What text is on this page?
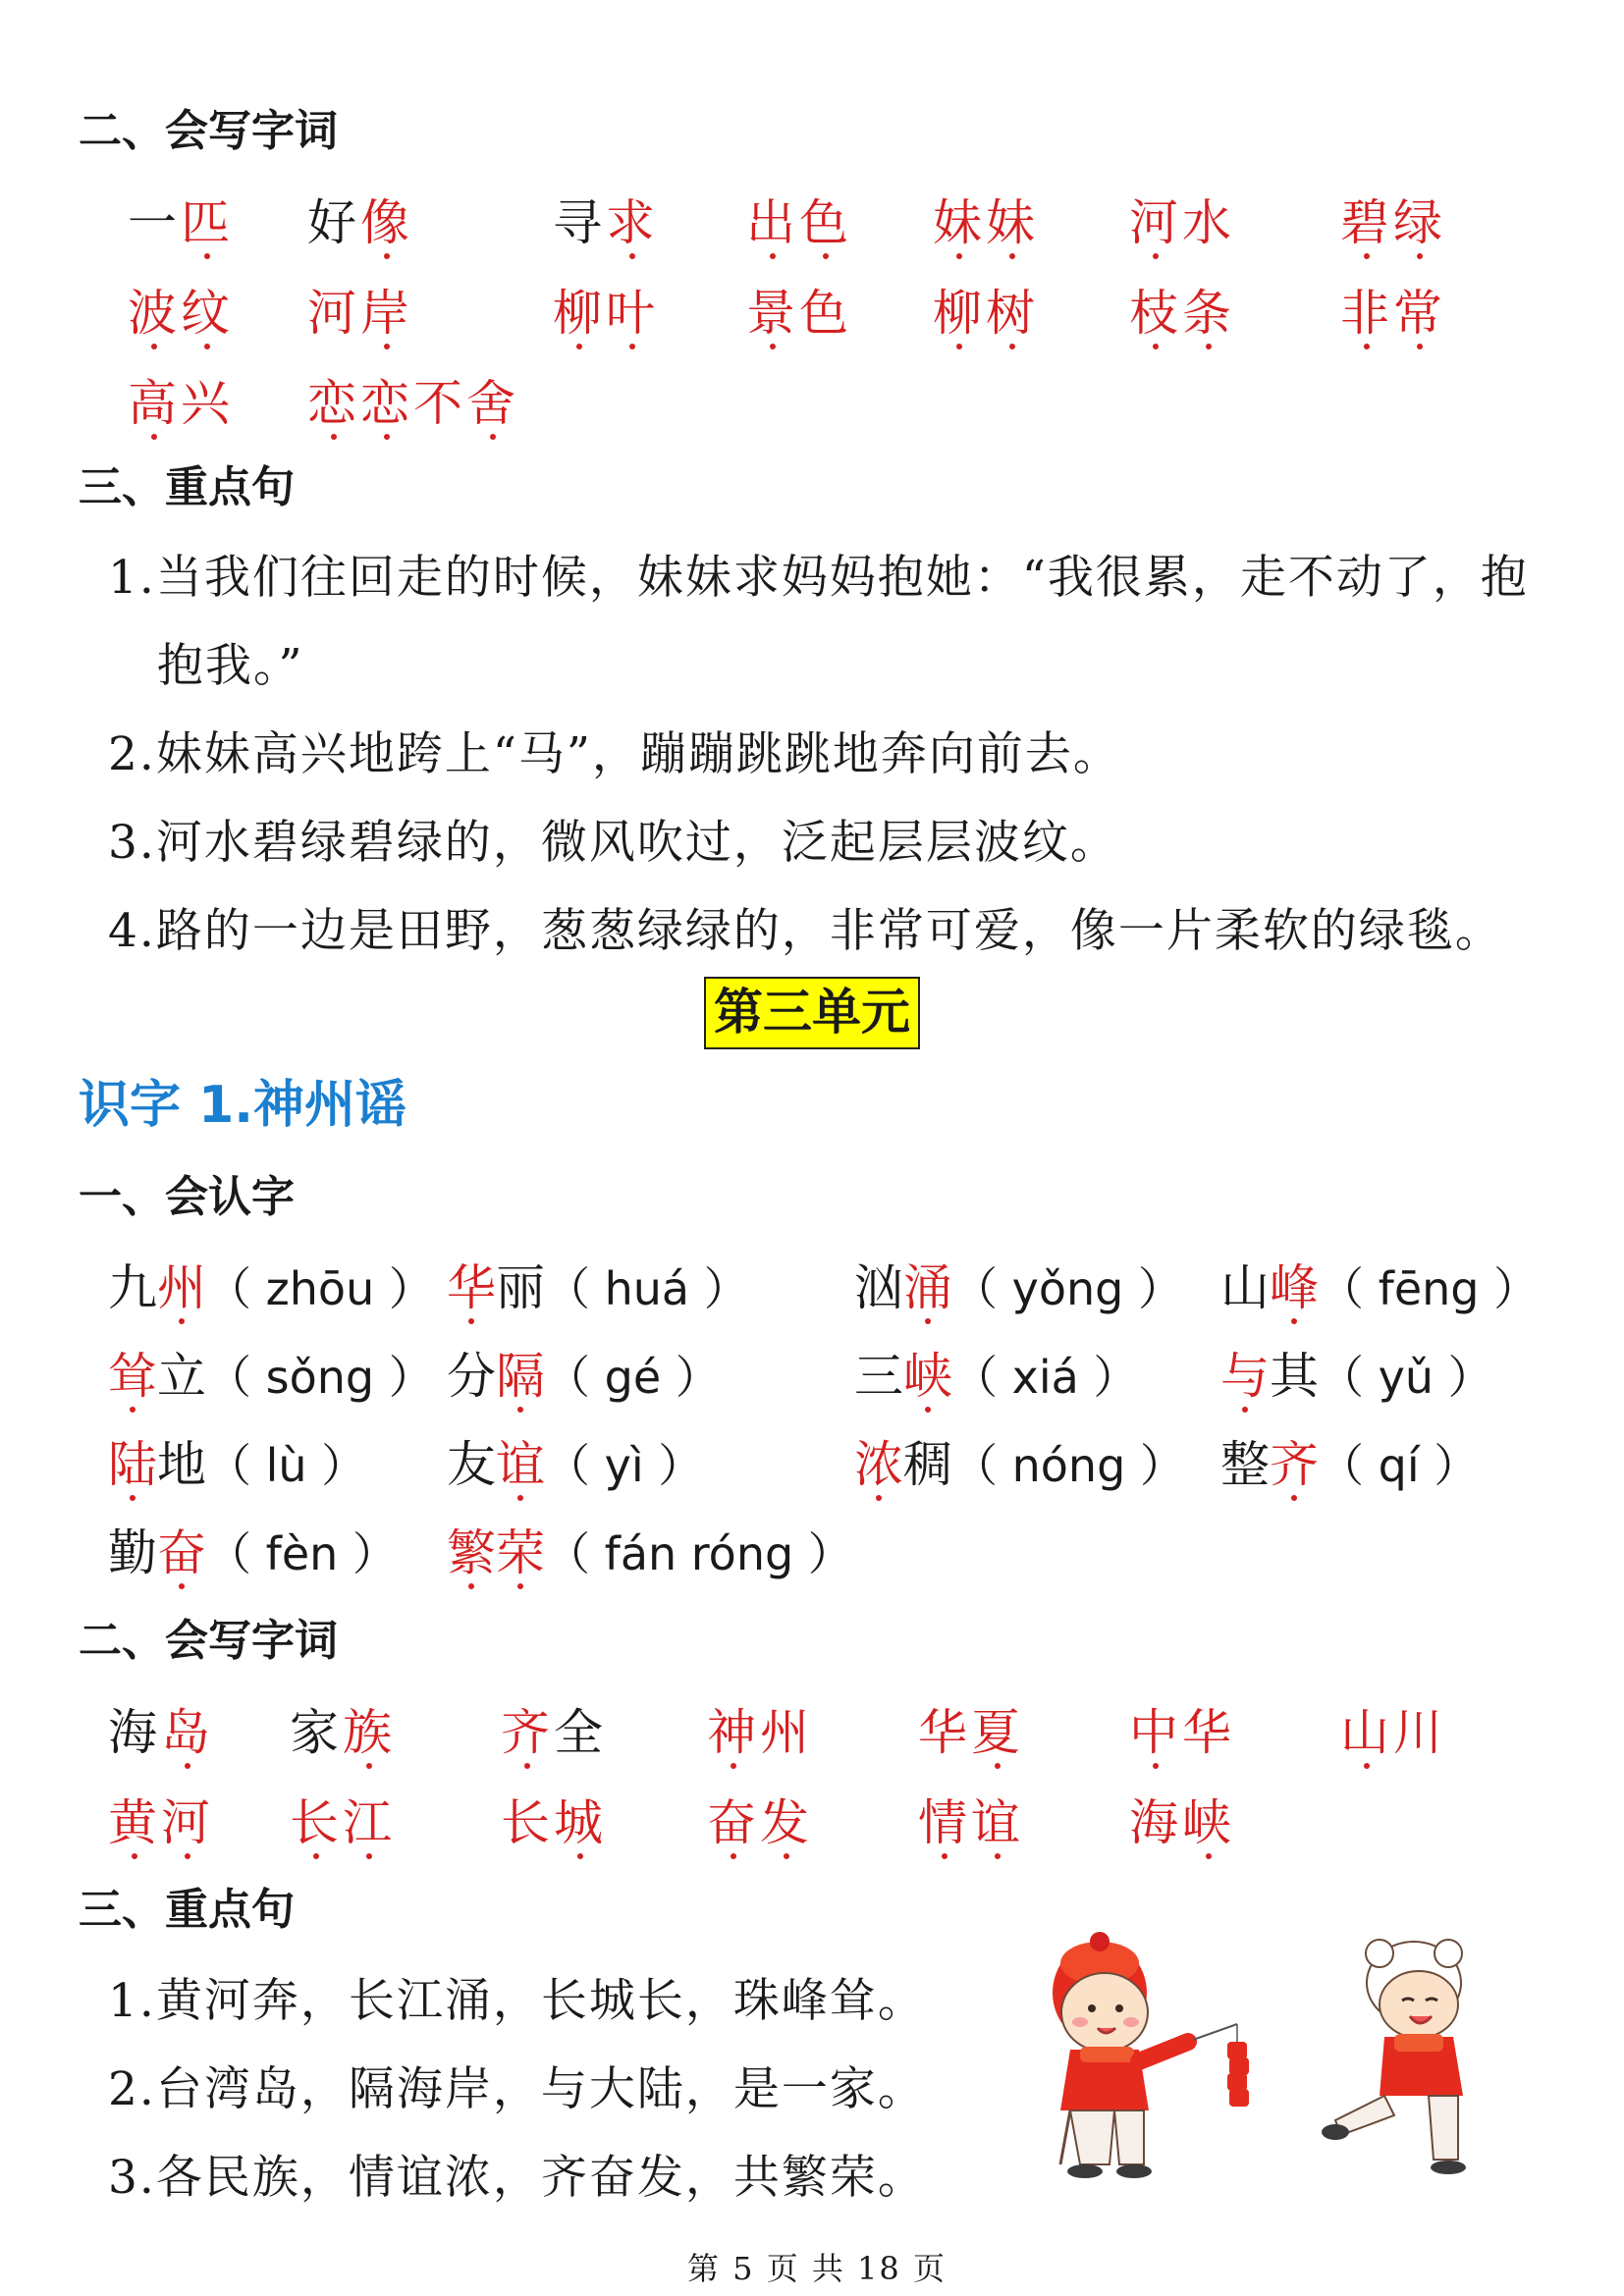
二、会写字词
一匹 好像	寻求 出色 妹妹 河水 碧绿
波纹 河岸	柳叶 景色 柳树 枝条 非常
高兴 恋恋不舍
三、重点句
1.当我们往回走的时候，妹妹求妈妈抱她：“我很累，走不动了，抱
抱我。”
2.妹妹高兴地跨上“马”，蹦蹦跳跳地奔向前去。
3.河水碧绿碧绿的，微风吹过，泛起层层波纹。
4.路的一边是田野，葱葱绿绿的，非常可爱，像一片柔软的绿毯。
第三单元
识字 1.神州谣
一、会认字
九州（ zhōu ） 华丽（ huá ） 汹涌（ yǒng ） 山峰（ fēng ）
耸立（ sǒng ） 分隔（ gé ）	三峡（ xiá ） 与其（ yǔ ）
陆地（ lù ） 友谊（ yì ）	浓稠（ nóng ） 整齐（ qí ）
勤奋（ fèn ） 繁荣（ fán róng ）
二、会写字词
海岛 家族 齐全 神州 华夏 中华 山川
黄河 长江 长城 奋发 情谊 海峡
三、重点句
1.黄河奔，长江涌，长城长，珠峰耸。
2.台湾岛，隔海岸，与大陆，是一家。
3.各民族，情谊浓，齐奋发，共繁荣。
第 5 页 共 18 页
